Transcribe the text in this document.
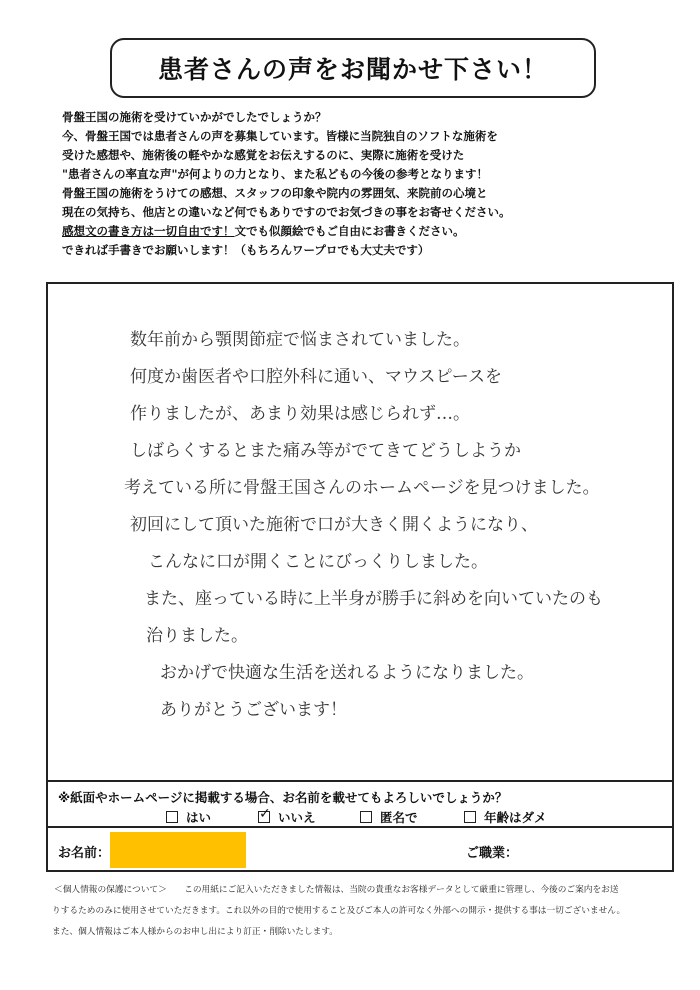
患者さんの声をお聞かせ下さい！
骨盤王国の施術を受けていかがでしたでしょうか？
今、骨盤王国では患者さんの声を募集しています。皆様に当院独自のソフトな施術を
受けた感想や、施術後の軽やかな感覚をお伝えするのに、実際に施術を受けた
"患者さんの率直な声"が何よりの力となり、また私どもの今後の参考となります！
骨盤王国の施術をうけての感想、スタッフの印象や院内の雰囲気、来院前の心境と
現在の気持ち、他店との違いなど何でもありですのでお気づきの事をお寄せください。
感想文の書き方は一切自由です！文でも似顔絵でもご自由にお書きください。
できれば手書きでお願いします！（もちろんワープロでも大丈夫です）
数年前から顎関節症で悩まされていました。
何度か歯医者や口腔外科に通い、マウスピースを
作りましたが、あまり効果は感じられず…。
しばらくするとまた痛み等がでてきてどうしようか
考えている所に骨盤王国さんのホームページを見つけました。
初回にして頂いた施術で口が大きく開くようになり、
こんなに口が開くことにびっくりしました。
また、座っている時に上半身が勝手に斜めを向いていたのも
治りました。
おかげで快適な生活を送れるようになりました。
ありがとうございます！
※紙面やホームページに掲載する場合、お名前を載せてもよろしいでしょうか？
はい
✓	いいえ	匿名で	年齢はダメ
お名前：	ご職業：
＜個人情報の保護について＞　　この用紙にご記入いただきました情報は、当院の貴重なお客様データとして厳重に管理し、今後のご案内をお送
りするためのみに使用させていただきます。これ以外の目的で使用すること及びご本人の許可なく外部への開示・提供する事は一切ございません。
また、個人情報はご本人様からのお申し出により訂正・削除いたします。
